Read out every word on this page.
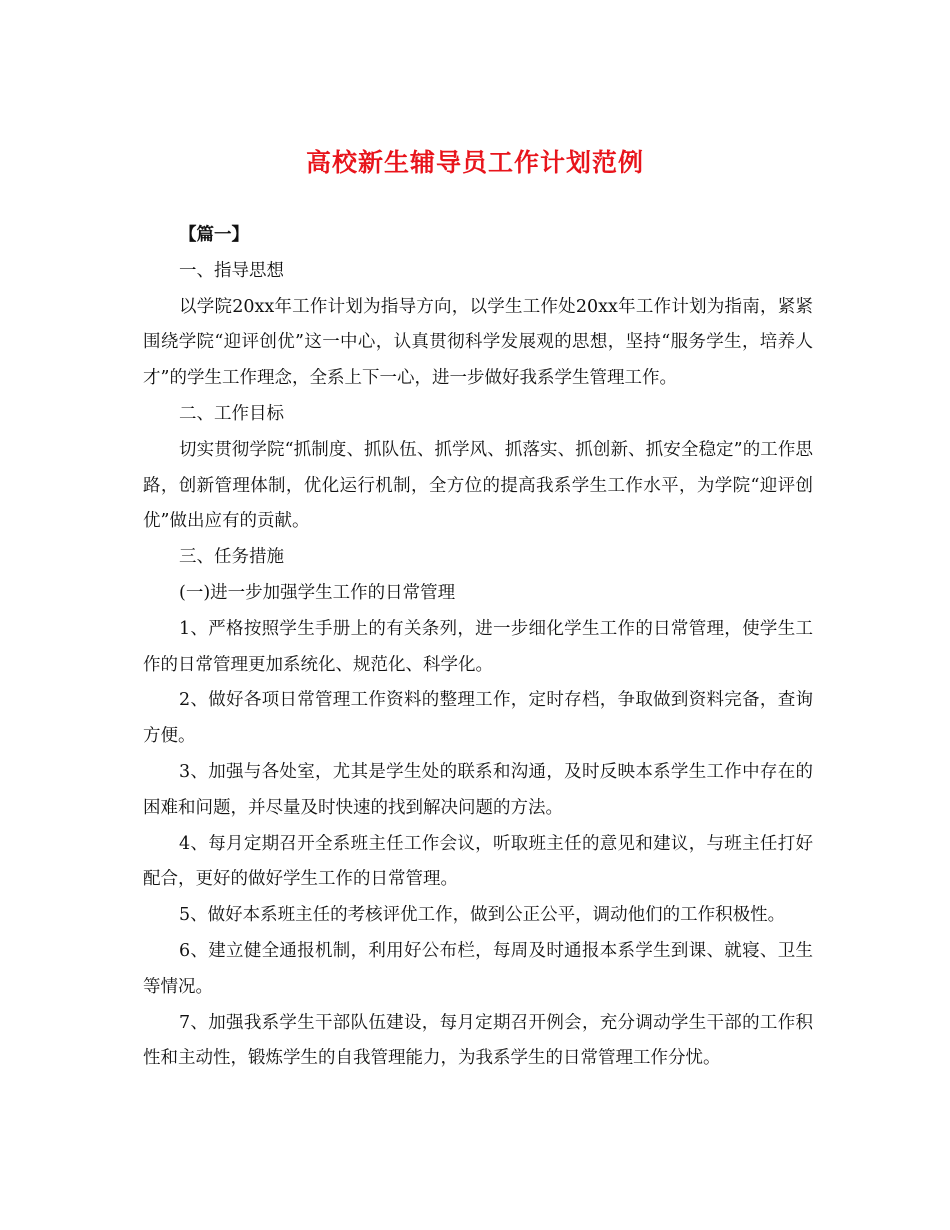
高校新生辅导员工作计划范例

【篇一】

一、指导思想

以学院20xx年工作计划为指导方向，以学生工作处20xx年工作计划为指南，紧紧围绕学院“迎评创优”这一中心，认真贯彻科学发展观的思想，坚持“服务学生，培养人才”的学生工作理念，全系上下一心，进一步做好我系学生管理工作。

二、工作目标

切实贯彻学院“抓制度、抓队伍、抓学风、抓落实、抓创新、抓安全稳定”的工作思路，创新管理体制，优化运行机制，全方位的提高我系学生工作水平，为学院“迎评创优”做出应有的贡献。

三、任务措施

(一)进一步加强学生工作的日常管理

1、严格按照学生手册上的有关条列，进一步细化学生工作的日常管理，使学生工作的日常管理更加系统化、规范化、科学化。

2、做好各项日常管理工作资料的整理工作，定时存档，争取做到资料完备，查询方便。

3、加强与各处室，尤其是学生处的联系和沟通，及时反映本系学生工作中存在的困难和问题，并尽量及时快速的找到解决问题的方法。

4、每月定期召开全系班主任工作会议，听取班主任的意见和建议，与班主任打好配合，更好的做好学生工作的日常管理。

5、做好本系班主任的考核评优工作，做到公正公平，调动他们的工作积极性。

6、建立健全通报机制，利用好公布栏，每周及时通报本系学生到课、就寝、卫生等情况。

7、加强我系学生干部队伍建设，每月定期召开例会，充分调动学生干部的工作积性和主动性，锻炼学生的自我管理能力，为我系学生的日常管理工作分忧。
